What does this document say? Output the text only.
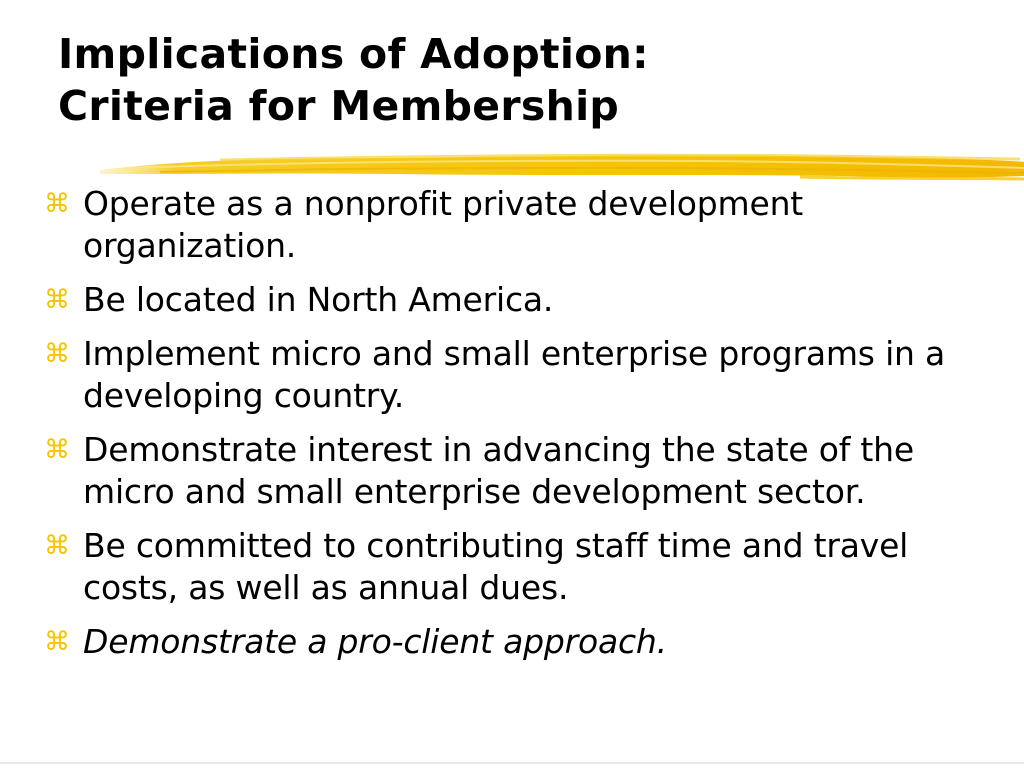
Implications of Adoption:
Criteria for Membership
⌘ Operate as a nonprofit private development organization.
⌘ Be located in North America.
⌘ Implement micro and small enterprise programs in a developing country.
⌘ Demonstrate interest in advancing the state of the micro and small enterprise development sector.
⌘ Be committed to contributing staff time and travel costs, as well as annual dues.
⌘ Demonstrate a pro-client approach.
